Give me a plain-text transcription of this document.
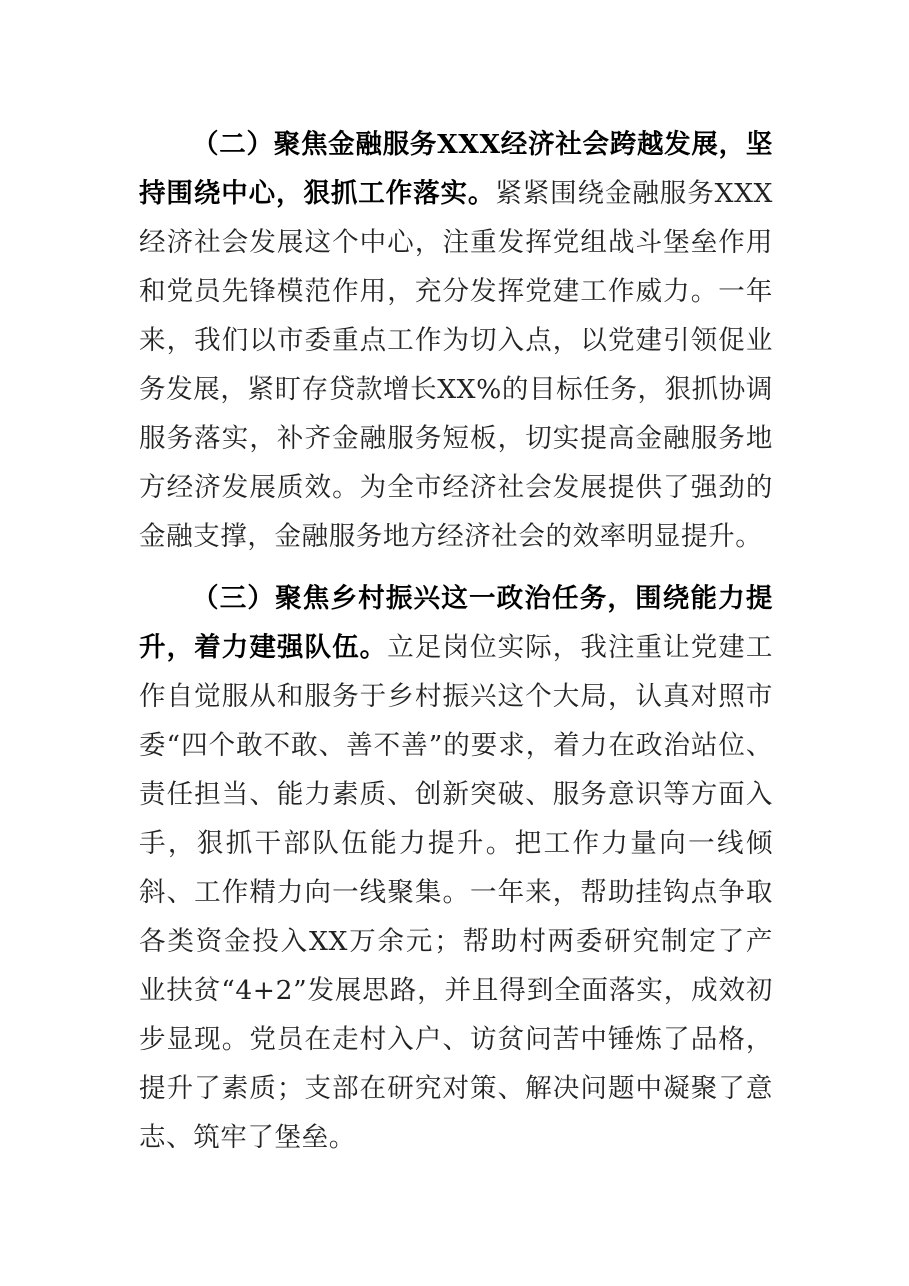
（二）聚焦金融服务XXX经济社会跨越发展，坚持围绕中心，狠抓工作落实。紧紧围绕金融服务XXX经济社会发展这个中心，注重发挥党组战斗堡垒作用和党员先锋模范作用，充分发挥党建工作威力。一年来，我们以市委重点工作为切入点，以党建引领促业务发展，紧盯存贷款增长XX%的目标任务，狠抓协调服务落实，补齐金融服务短板，切实提高金融服务地方经济发展质效。为全市经济社会发展提供了强劲的金融支撑，金融服务地方经济社会的效率明显提升。

（三）聚焦乡村振兴这一政治任务，围绕能力提升，着力建强队伍。立足岗位实际，我注重让党建工作自觉服从和服务于乡村振兴这个大局，认真对照市委“四个敢不敢、善不善”的要求，着力在政治站位、责任担当、能力素质、创新突破、服务意识等方面入手，狠抓干部队伍能力提升。把工作力量向一线倾斜、工作精力向一线聚集。一年来，帮助挂钩点争取各类资金投入XX万余元；帮助村两委研究制定了产业扶贫“4+2”发展思路，并且得到全面落实，成效初步显现。党员在走村入户、访贫问苦中锤炼了品格，提升了素质；支部在研究对策、解决问题中凝聚了意志、筑牢了堡垒。
